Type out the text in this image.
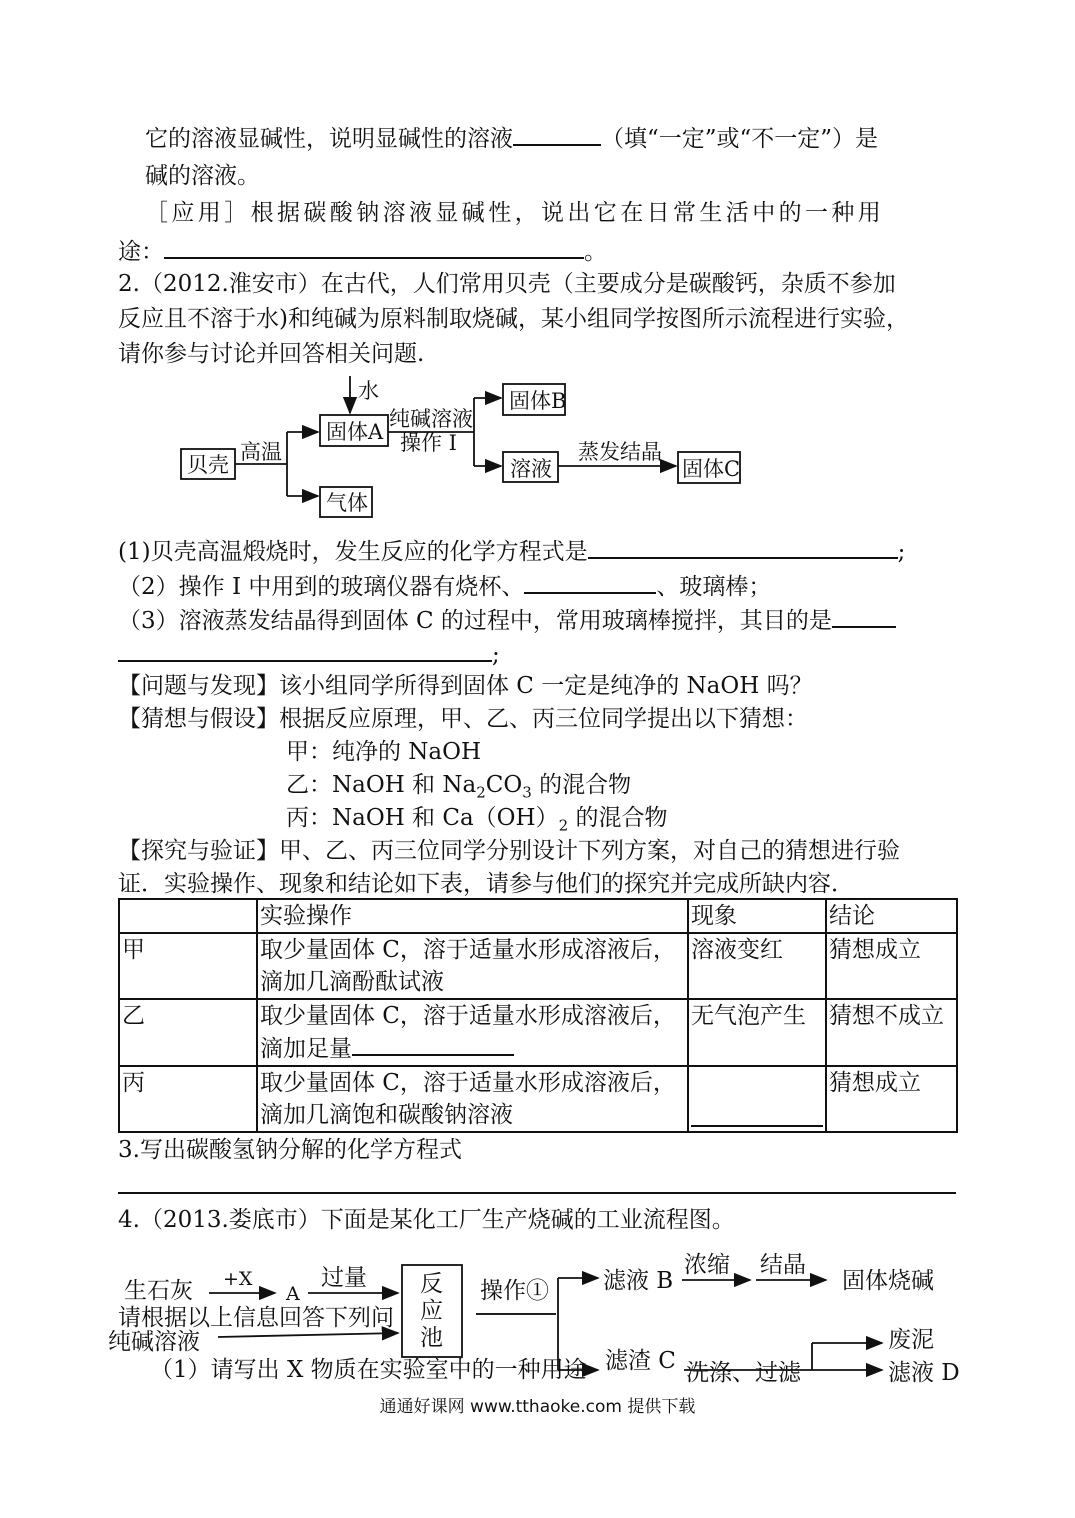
它的溶液显碱性，说明显碱性的溶液	（填“一定”或“不一定”）是
碱的溶液。
［应用］根据碳酸钠溶液显碱性，说出它在日常生活中的一种用
途：	。
2.（2012.淮安市）在古代，人们常用贝壳（主要成分是碳酸钙，杂质不参加
反应且不溶于水)和纯碱为原料制取烧碱，某小组同学按图所示流程进行实验，
请你参与讨论并回答相关问题.
贝壳
高温
水
固体A
纯碱溶液
操作 I
固体B
溶液
蒸发结晶
固体C
气体
生石灰 +X
A
过量 反
应
池
操作① 滤液 B
浓缩 结晶
固体烧碱
请根据以上信息回答下列问
纯碱溶液
滤渣 C 洗涤、过滤
废泥
滤液 D
(1)贝壳高温煅烧时，发生反应的化学方程式是	;
（2）操作 I 中用到的玻璃仪器有烧杯、	、玻璃棒；
（3）溶液蒸发结晶得到固体 C 的过程中，常用玻璃棒搅拌，其目的是
;
【问题与发现】该小组同学所得到固体 C 一定是纯净的 NaOH 吗？
【猜想与假设】根据反应原理，甲、乙、丙三位同学提出以下猜想：
甲：纯净的 NaOH
乙：NaOH 和 $Na_2CO_3$ 的混合物
丙：NaOH 和 $Ca(OH)_2$ 的混合物
【探究与验证】甲、乙、丙三位同学分别设计下列方案，对自己的猜想进行验
证．实验操作、现象和结论如下表，请参与他们的探究并完成所缺内容．
	实验操作	现象	结论
甲	取少量固体 C，溶于适量水形成溶液后，
滴加几滴酚酞试液	溶液变红	猜想成立
乙	取少量固体 C，溶于适量水形成溶液后，
滴加足量	无气泡产生	猜想不成立
丙	取少量固体 C，溶于适量水形成溶液后，
滴加几滴饱和碳酸钠溶液		猜想成立
3.写出碳酸氢钠分解的化学方程式
4.（2013.娄底市）下面是某化工厂生产烧碱的工业流程图。
（1）请写出 X 物质在实验室中的一种用途
通通好课网 www.tthaoke.com 提供下载
